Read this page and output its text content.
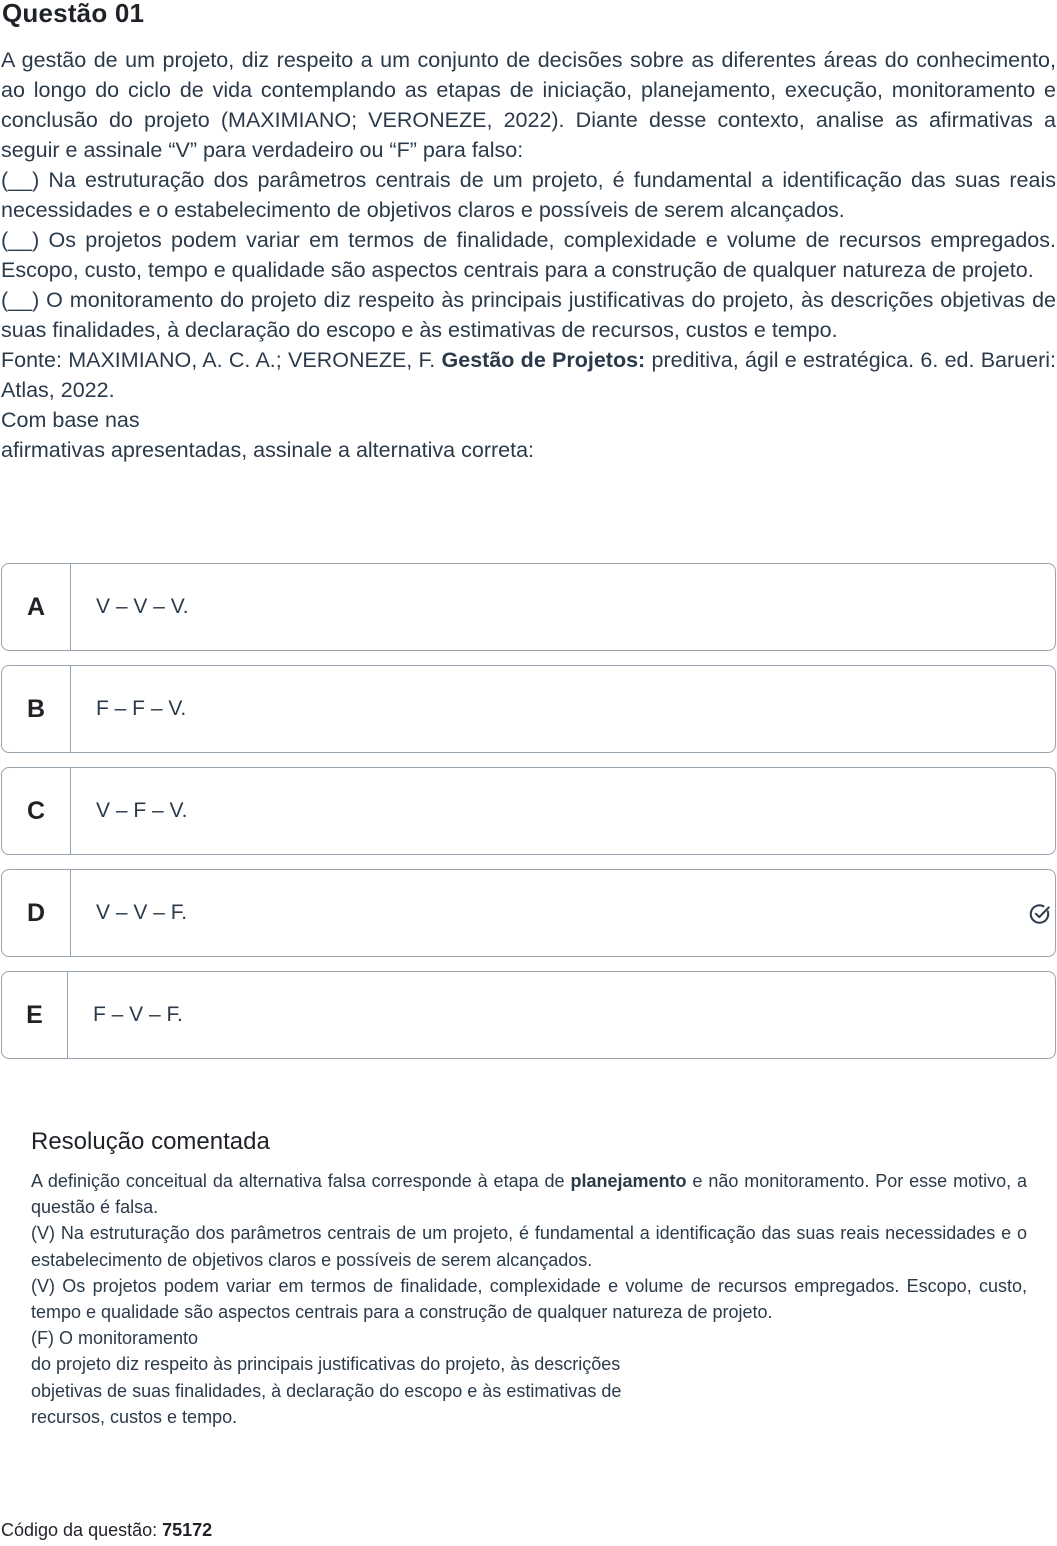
Questão 01

A gestão de um projeto, diz respeito a um conjunto de decisões sobre as diferentes áreas do conhecimento, ao longo do ciclo de vida contemplando as etapas de iniciação, planejamento, execução, monitoramento e conclusão do projeto (MAXIMIANO; VERONEZE, 2022). Diante desse contexto, analise as afirmativas a seguir e assinale “V” para verdadeiro ou “F” para falso:

(__) Na estruturação dos parâmetros centrais de um projeto, é fundamental a identificação das suas reais necessidades e o estabelecimento de objetivos claros e possíveis de serem alcançados.

(__) Os projetos podem variar em termos de finalidade, complexidade e volume de recursos empregados. Escopo, custo, tempo e qualidade são aspectos centrais para a construção de qualquer natureza de projeto.

(__) O monitoramento do projeto diz respeito às principais justificativas do projeto, às descrições objetivas de suas finalidades, à declaração do escopo e às estimativas de recursos, custos e tempo.

Fonte: MAXIMIANO, A. C. A.; VERONEZE, F. Gestão de Projetos: preditiva, ágil e estratégica. 6. ed. Barueri: Atlas, 2022.

Com base nas

afirmativas apresentadas, assinale a alternativa correta:

A	V – V – V.
B	F – F – V.
C	V – F – V.
D	V – V – F.
E	F – V – F.
Resolução comentada

A definição conceitual da alternativa falsa corresponde à etapa de planejamento e não monitoramento. Por esse motivo, a questão é falsa.

(V) Na estruturação dos parâmetros centrais de um projeto, é fundamental a identificação das suas reais necessidades e o estabelecimento de objetivos claros e possíveis de serem alcançados.

(V) Os projetos podem variar em termos de finalidade, complexidade e volume de recursos empregados. Escopo, custo, tempo e qualidade são aspectos centrais para a construção de qualquer natureza de projeto.

(F) O monitoramento

do projeto diz respeito às principais justificativas do projeto, às descrições

objetivas de suas finalidades, à declaração do escopo e às estimativas de

recursos, custos e tempo.

Código da questão: 75172
